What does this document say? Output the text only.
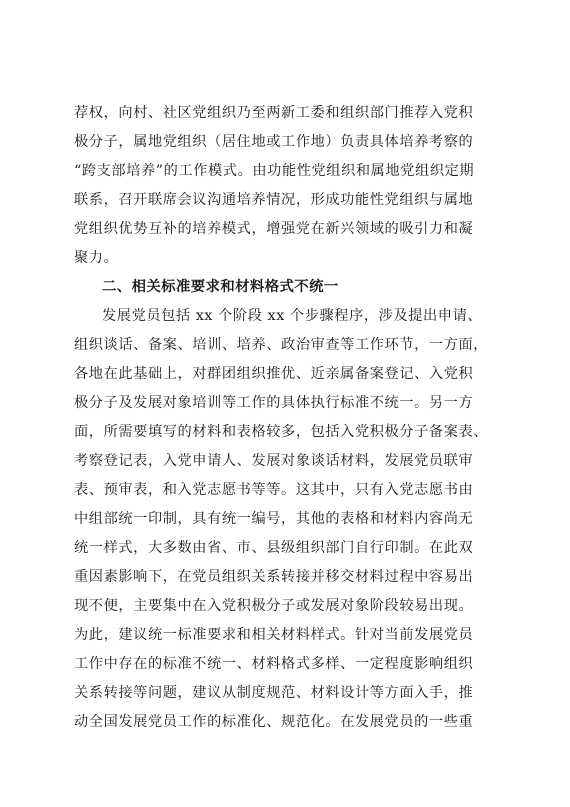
荐权，向村、社区党组织乃至两新工委和组织部门推荐入党积
极分子，属地党组织（居住地或工作地）负责具体培养考察的
“跨支部培养”的工作模式。由功能性党组织和属地党组织定期
联系，召开联席会议沟通培养情况，形成功能性党组织与属地
党组织优势互补的培养模式，增强党在新兴领域的吸引力和凝
聚力。
二、相关标准要求和材料格式不统一
发展党员包括 xx 个阶段 xx 个步骤程序，涉及提出申请、
组织谈话、备案、培训、培养、政治审查等工作环节，一方面，
各地在此基础上，对群团组织推优、近亲属备案登记、入党积
极分子及发展对象培训等工作的具体执行标准不统一。另一方
面，所需要填写的材料和表格较多，包括入党积极分子备案表、
考察登记表，入党申请人、发展对象谈话材料，发展党员联审
表、预审表，和入党志愿书等等。这其中，只有入党志愿书由
中组部统一印制，具有统一编号，其他的表格和材料内容尚无
统一样式，大多数由省、市、县级组织部门自行印制。在此双
重因素影响下，在党员组织关系转接并移交材料过程中容易出
现不便，主要集中在入党积极分子或发展对象阶段较易出现。
为此，建议统一标准要求和相关材料样式。针对当前发展党员
工作中存在的标准不统一、材料格式多样、一定程度影响组织
关系转接等问题，建议从制度规范、材料设计等方面入手，推
动全国发展党员工作的标准化、规范化。在发展党员的一些重
